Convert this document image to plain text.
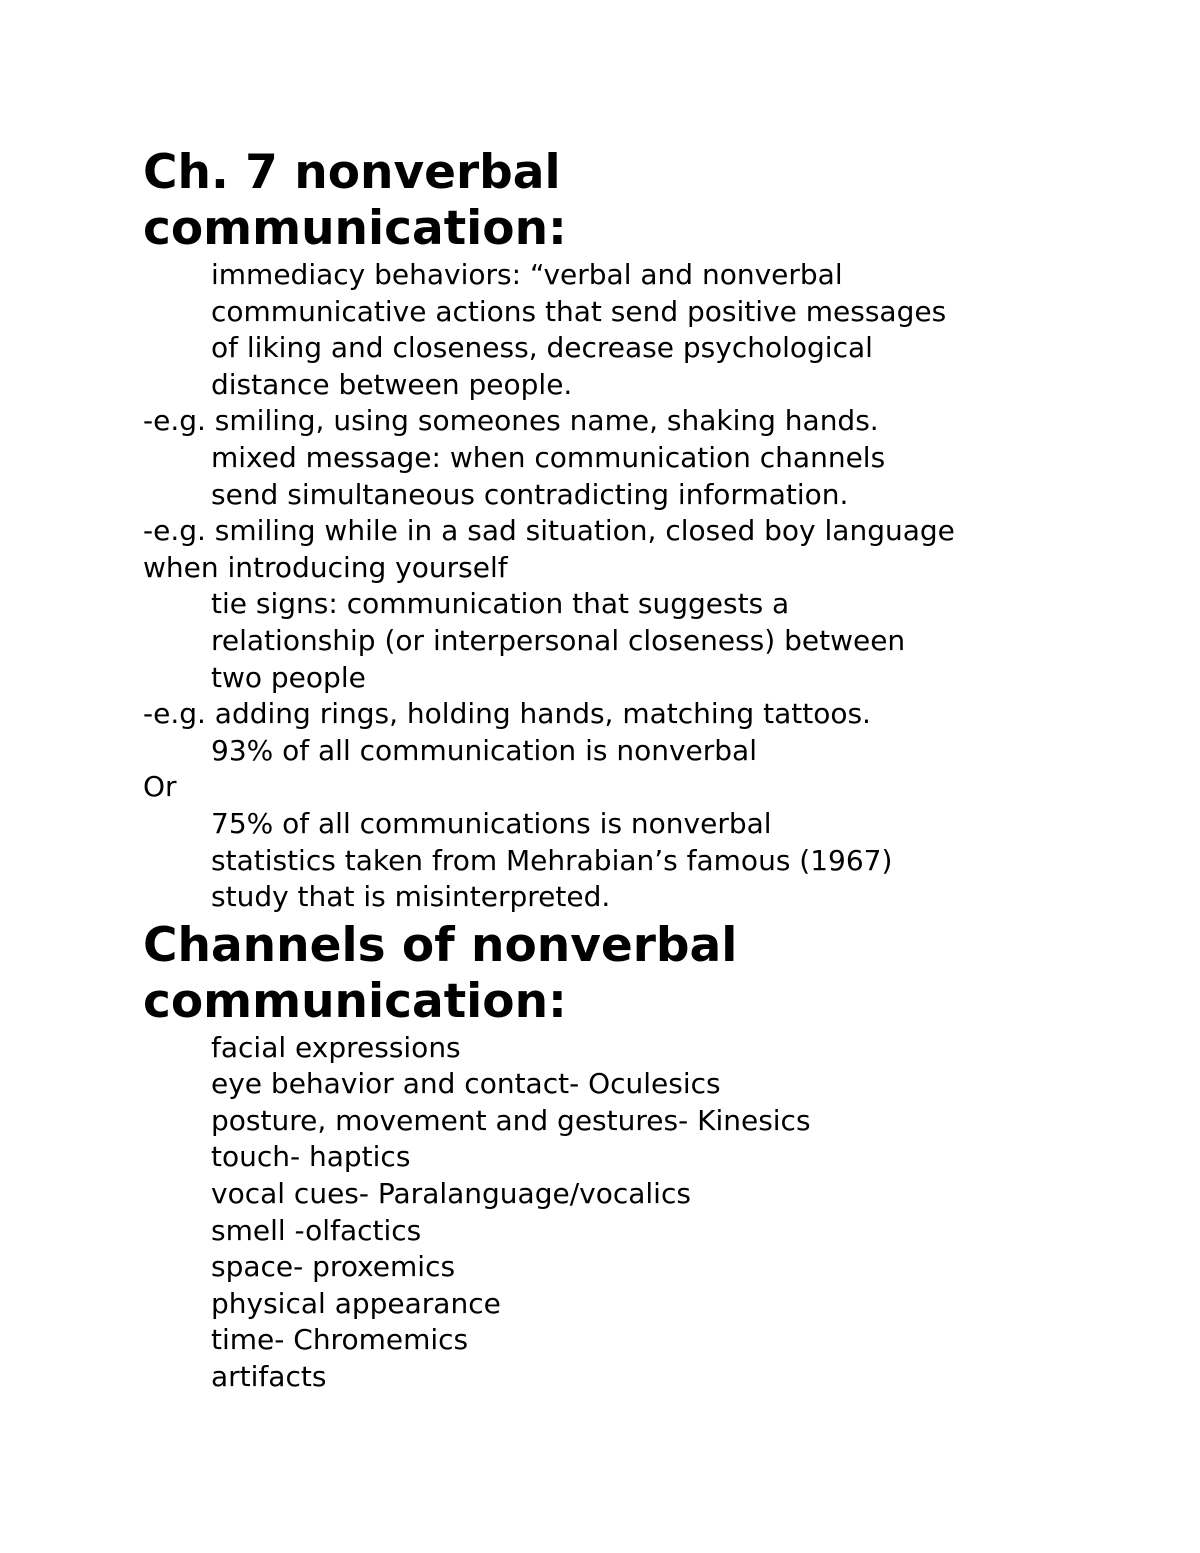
Ch. 7 nonverbal
communication:
immediacy behaviors: “verbal and nonverbal
communicative actions that send positive messages
of liking and closeness, decrease psychological
distance between people.
-e.g. smiling, using someones name, shaking hands.
mixed message: when communication channels
send simultaneous contradicting information.
-e.g. smiling while in a sad situation, closed boy language
when introducing yourself
tie signs: communication that suggests a
relationship (or interpersonal closeness) between
two people
-e.g. adding rings, holding hands, matching tattoos.
93% of all communication is nonverbal
Or
75% of all communications is nonverbal
statistics taken from Mehrabian’s famous (1967)
study that is misinterpreted.
Channels of nonverbal
communication:
facial expressions
eye behavior and contact- Oculesics
posture, movement and gestures- Kinesics
touch- haptics
vocal cues- Paralanguage/vocalics
smell -olfactics
space- proxemics
physical appearance
time- Chromemics
artifacts
